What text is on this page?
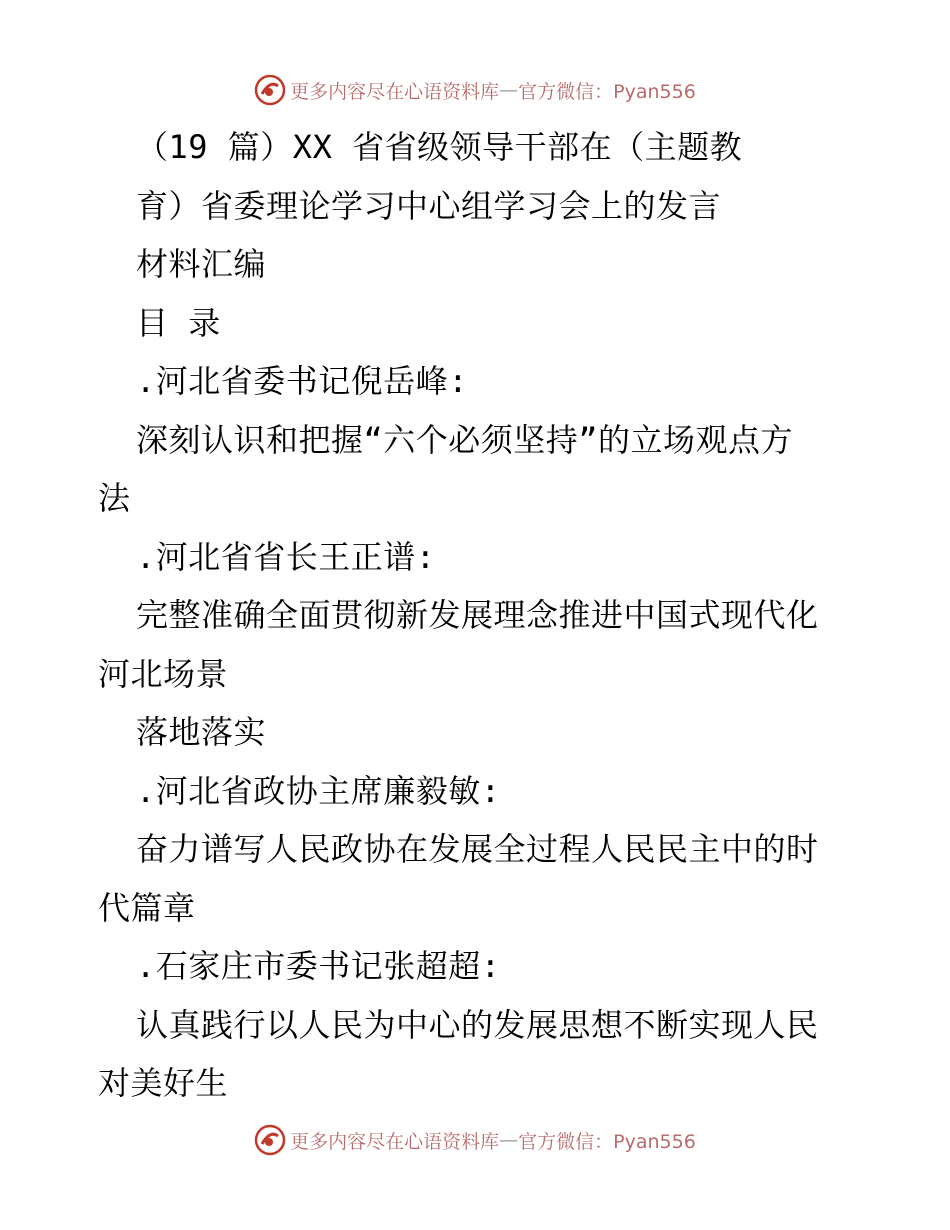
更多内容尽在心语资料库 — 官方微信：Pyan556
（19 篇）XX 省省级领导干部在（主题教
育）省委理论学习中心组学习会上的发言
材料汇编
目 录
.河北省委书记倪岳峰:
深刻认识和把握“六个必须坚持”的立场观点方
法
.河北省省长王正谱:
完整准确全面贯彻新发展理念推进中国式现代化
河北场景
落地落实
.河北省政协主席廉毅敏:
奋力谱写人民政协在发展全过程人民民主中的时
代篇章
.石家庄市委书记张超超:
认真践行以人民为中心的发展思想不断实现人民
对美好生
更多内容尽在心语资料库 — 官方微信：Pyan556
